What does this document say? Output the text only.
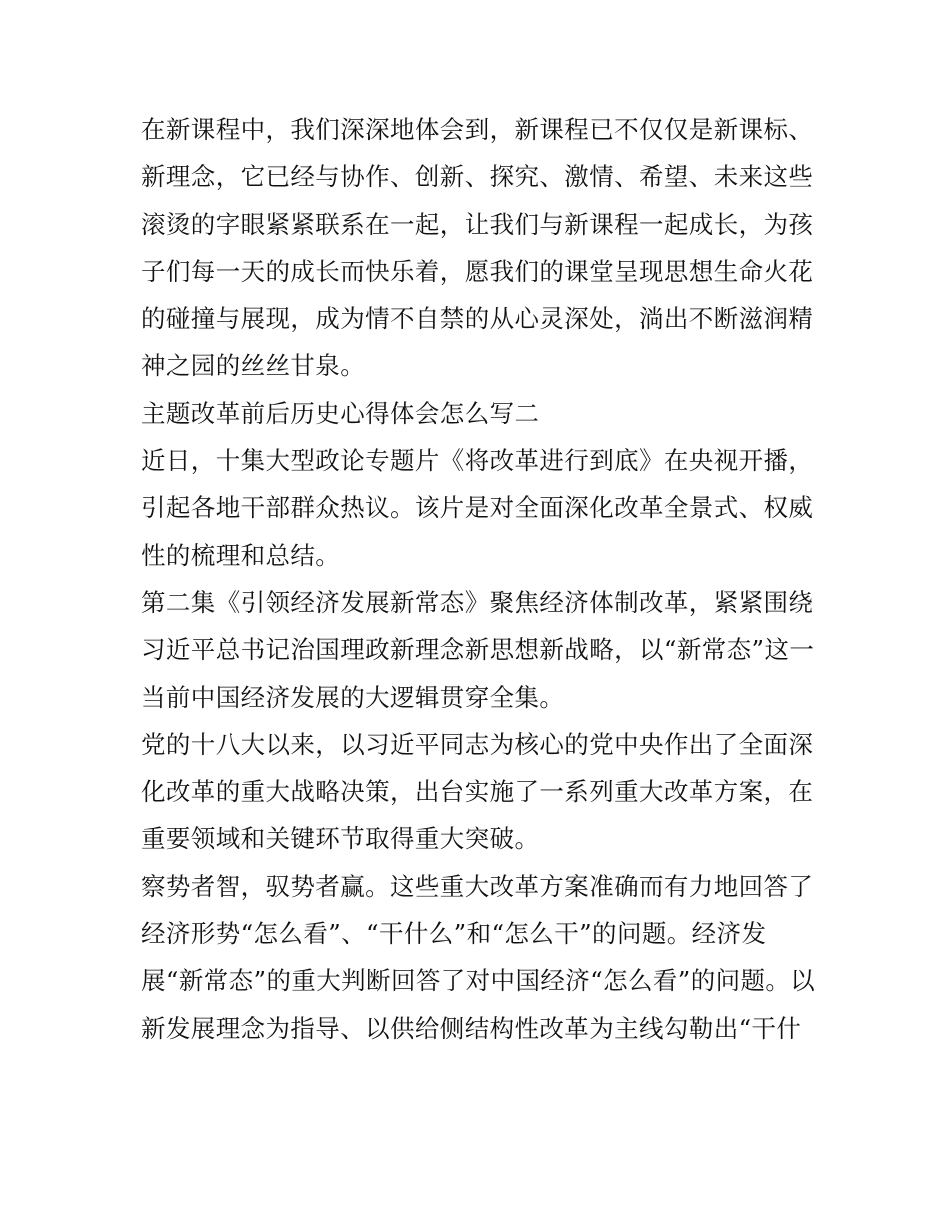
在新课程中，我们深深地体会到，新课程已不仅仅是新课标、
新理念，它已经与协作、创新、探究、激情、希望、未来这些
滚烫的字眼紧紧联系在一起，让我们与新课程一起成长，为孩
子们每一天的成长而快乐着，愿我们的课堂呈现思想生命火花
的碰撞与展现，成为情不自禁的从心灵深处，淌出不断滋润精
神之园的丝丝甘泉。
主题改革前后历史心得体会怎么写二
近日，十集大型政论专题片《将改革进行到底》在央视开播，
引起各地干部群众热议。该片是对全面深化改革全景式、权威
性的梳理和总结。
第二集《引领经济发展新常态》聚焦经济体制改革，紧紧围绕
习近平总书记治国理政新理念新思想新战略，以“新常态”这一
当前中国经济发展的大逻辑贯穿全集。
党的十八大以来，以习近平同志为核心的党中央作出了全面深
化改革的重大战略决策，出台实施了一系列重大改革方案，在
重要领域和关键环节取得重大突破。
察势者智，驭势者赢。这些重大改革方案准确而有力地回答了
经济形势“怎么看”、“干什么”和“怎么干”的问题。经济发
展“新常态”的重大判断回答了对中国经济“怎么看”的问题。以
新发展理念为指导、以供给侧结构性改革为主线勾勒出“干什
